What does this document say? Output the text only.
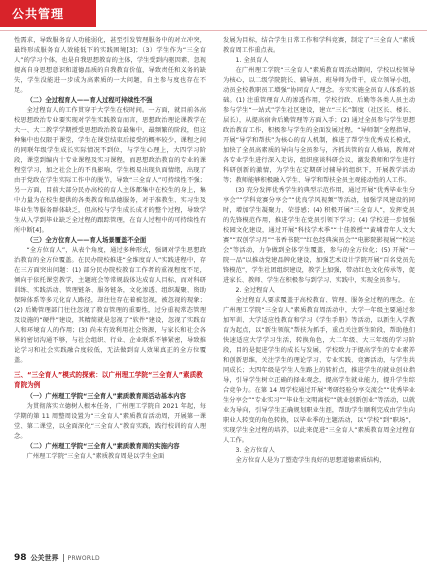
公共管理

性需求，导致服务育人功能弱化，甚至引发管理服务中的对立冲突，最终形成服务育人效能低下的实践困境[3]；（3）学生作为“三全育人”的学习个体，也是自我思想教育的主体，学生受到内驱因素、忽视提高自身思想意识和道德品质的自我教育价值，导致责任和义务的缺失，学生没能进一步成为高素质的一大问题，自主参与度也存在不足。

（二）全过程育人——育人过程可持续性不强

全过程育人的工作贯穿于大学生在校时间。一方面，就目前各高校思想政治专业要实现对学生实践教育而言，思想政治理论课教学在大一、大二教学学期授受思想政治教育最集中，最频繁的阶段，但这种集中也仅限于课堂，学生在课堂结束后接受的概率较少，课程之间的同联年级学生成长实际情况不到位，与学生心理上，大四学习阶段，课堂到编内十专业课程及实习课程，而思想政治教育的专业的课程堂学习，加之社会上的不良影响，学生极易出现负面情绪，出现了由于党政在学生实际工作中的脱节，导致“三全育人”可持续性不强；另一方面，目前大部分民办高校的育人主体都集中在校生的身上，集中力量为在校生提供的各类教育和品德服务，对于准教生、实习生及毕业生等服务群体缺乏，但高校与学生成长成才的整个过程，导致学生从入学到毕业缺乏全过程的跟踪管理，在育人过程中的可持续性有所中断[4]。

（三）全方位育人——育人场景覆盖不全面

“全方位育人”，从表个角度，通过多种形式，强调对学生思想政治教育的全方位覆盖。在民办院校推进“全维度育人”实践进程中，存在三方面突出问题：(1) 部分民办院校教育工作者的重视程度不足，倾向于依托课堂教学，主题班会等常规载体达成育人目标，而对科研训练、实践活动、管理链条、服务链条，文化渗透、组织凝聚、资助保障体系等多元化育人路径，却往往存在着被忽视，被忽视的现象；(2) 后勤管理部门往往忽视了教育管理的重要性，过分重视常态管理及设施的“硬件”建设，其精简就是忽视了“软件”建设，忽视了实践育人和环境育人的作用；(3) 尚未有效利用社会资源，与家长和社会各界的密切沟通不够，与社会组织、行业、企业联系不够紧密，导致推论学习和社会实践融合度较低，无法做到育人效果真正的全方位覆盖。

三、“三全育人”模式的探索：以广州理工学院“三全育人”素质教育院为例
（一）广州理工学院“三全育人”素质教育周活动基本内容

为贯彻落实立德树人根本任务，广州理工学院自 2021 年起，每学期的第 11 周整周设置为“三全育人”素质教育活动周，开展第一课堂、第二课堂，以全面深化“三全育人”教育实践，践行校训的育人理念。

（二）广州理工学院“三全育人”素质教育周的实施内容

广州理工学院“三全育人”素质教育周是以学生全面

发展为目标，结合学生日常工作和学科竞赛，制定了“三全育人”素质教育周工作重点表。

1. 全员育人

在广州理工学院“三全育人”素质教育周活动期间，学校以校领导为核心，以二级学院院长、辅导员、班导师为骨干，成立领导小组，动员全校教职员工增强“协同育人”理念。夯实实施全员育人体系的基础。(1) 注重管理育人的渗透作用，学校行政、后勤等各类人员主动参与学生“一站式”学生社区建设，建立“三长”制度（社区长、楼长、层长），从提高宿舍后勤管理等方面入手；(2) 通过全员参与学生思想政治教育工作，积极参与学生的全面发展过程，“导师制”全程指导，开展“导学和帮扶”为核心的育人机制，推进了帮学生优秀成长模式，加快了全员高素质的导向与全员参与，齐抓共管的育人格局，教师对各专业学生进行深入走访，组织座谈科研会议，激发教师和学生进行科研创新的激情，为学生在定期研讨辅导的组织下，开展教学活动等；教师能够积极融入学生、导学和帮扶全员主观能动性的人工作。

(3) 充分发挥优秀学生的典型示范作用，通过开展“优秀毕业生分享会”“学科竞赛分享会”“优良学风视频”等活动，加强学风建设的同时，增加学生凝聚力、荣誉感；(4) 积极开展“三全育人”，发挥党员的先锋模范作用，推进学生在党员引领下学习；(4) 学校进一步加强校园文化建设，通过开展“科技学术季”“十佳教授”“黄埔青年人文大赛”“双创学习月”“书香书院”“红色经典演员会”“电影院影视展”“校运会”等活动，力争做到全体学生覆盖，参与的全方位化；(5) 开展“一院一品”以推动党建品牌化建设，加强艺术设计学院开展“百名党员先锋模范”，学生社团组织建设，教学上加强，带动红色文化传承等，促进家长、教师、学生在积极参与到学习、实践中，实现全员参与。

2. 全过程育人

全过程育人要求覆盖于高校教育、管理、服务全过程的理念。在广州理工学院“三全育人”素质教育周活动中，大学一年级主要通过参加军训、大学适应性教育和学习《学生手册》等活动，以新生入学教育为起点，以“新生领航”帮扶为抓手，重点关注新生阶段，帮助他们快速适应大学学习生活，转换角色，大二年级、大三年级的学习阶段，目的是促进学生的成长与发展，学校致力于提高学生的专业素养和创新思维，关注学生的理论学习、专业实践、竞赛活动，与学生共同成长；大四年级是学生人生路上的转折点，推进学生的就业创业指导，引导学生树立正确的择业观念，提高学生就业能力，提升学生综合竞争力。在第 14 周学校通过开展“考研经验分享交流会”“优秀毕业生分享会”“专业实习”“毕业生文明离校”“就业创新创业”等活动，以就业为导向，引导学生正确规划职业生涯，帮助学生顺利完成由学生向职业人转变的角色转换，以毕业季的主题活动，以“学校”到“职场”，实现学生全过程的培养，以此来促进“三全育人”素质教育周全过程育人工作。

3. 全方位育人

全方位育人是为了塑造学生良好的思想道德素质结构，

98 公关世界 PRWORLD
